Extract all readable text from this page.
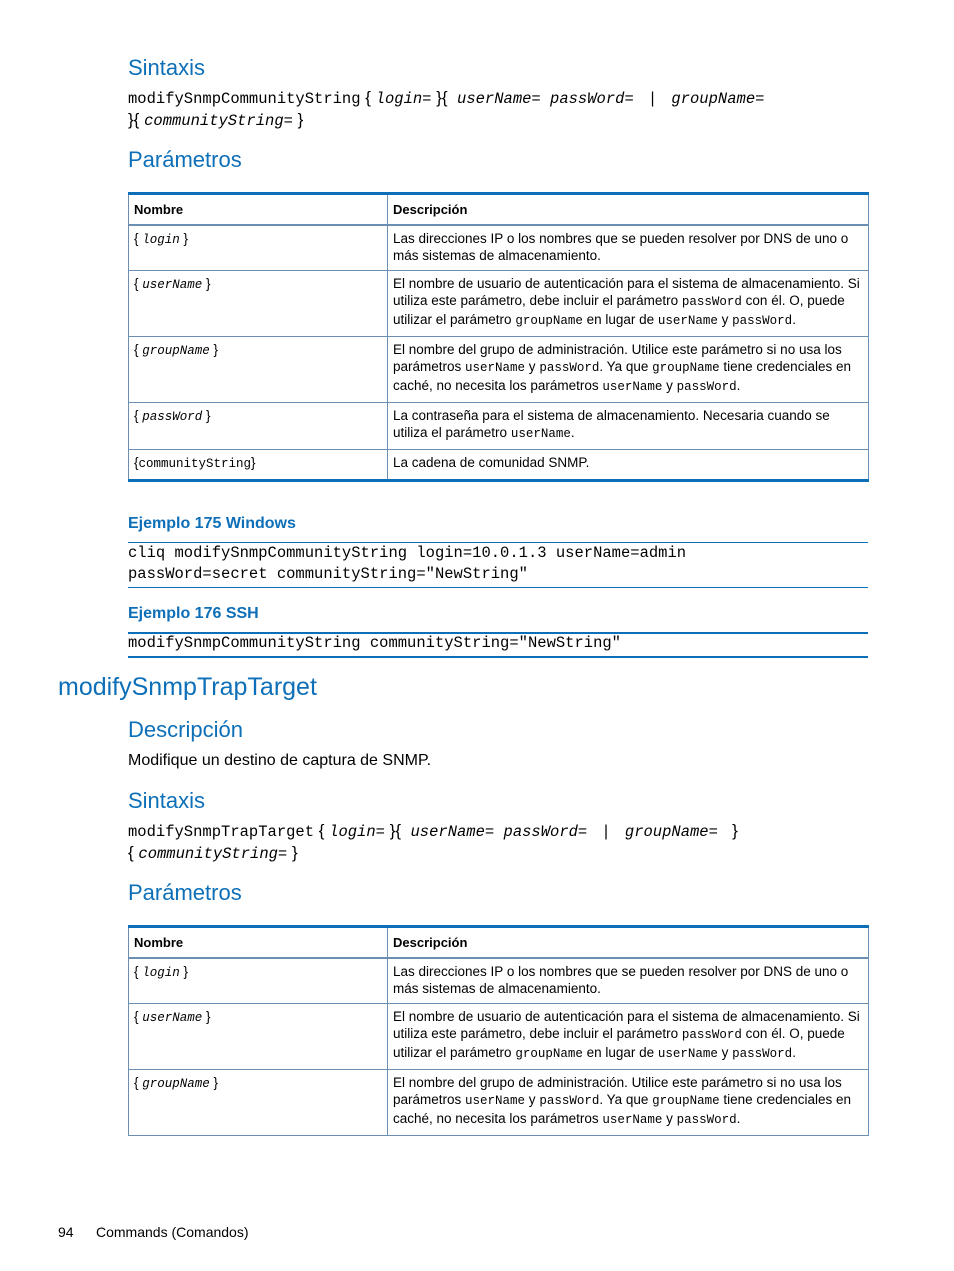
Sintaxis
modifySnmpCommunityString { login= }{  userName= passWord= | groupName=
}{ communityString= }
Parámetros
Nombre	Descripción
{ login }	Las direcciones IP o los nombres que se pueden resolver por DNS de uno o más sistemas de almacenamiento.
{ userName }	El nombre de usuario de autenticación para el sistema de almacenamiento. Si utiliza este parámetro, debe incluir el parámetro passWord con él. O, puede utilizar el parámetro groupName en lugar de userName y passWord.
{ groupName }	El nombre del grupo de administración. Utilice este parámetro si no usa los parámetros userName y passWord. Ya que groupName tiene credenciales en caché, no necesita los parámetros userName y passWord.
{ passWord }	La contraseña para el sistema de almacenamiento. Necesaria cuando se utiliza el parámetro userName.
{communityString}	La cadena de comunidad SNMP.
Ejemplo 175 Windows
cliq modifySnmpCommunityString login=10.0.1.3 userName=admin
passWord=secret communityString="NewString"
Ejemplo 176 SSH
modifySnmpCommunityString communityString="NewString"
modifySnmpTrapTarget
Descripción
Modifique un destino de captura de SNMP.
Sintaxis
modifySnmpTrapTarget { login= }{  userName= passWord= | groupName=   }
{ communityString= }
Parámetros
Nombre	Descripción
{ login }	Las direcciones IP o los nombres que se pueden resolver por DNS de uno o más sistemas de almacenamiento.
{ userName }	El nombre de usuario de autenticación para el sistema de almacenamiento. Si utiliza este parámetro, debe incluir el parámetro passWord con él. O, puede utilizar el parámetro groupName en lugar de userName y passWord.
{ groupName }	El nombre del grupo de administración. Utilice este parámetro si no usa los parámetros userName y passWord. Ya que groupName tiene credenciales en caché, no necesita los parámetros userName y passWord.
94 Commands (Comandos)
